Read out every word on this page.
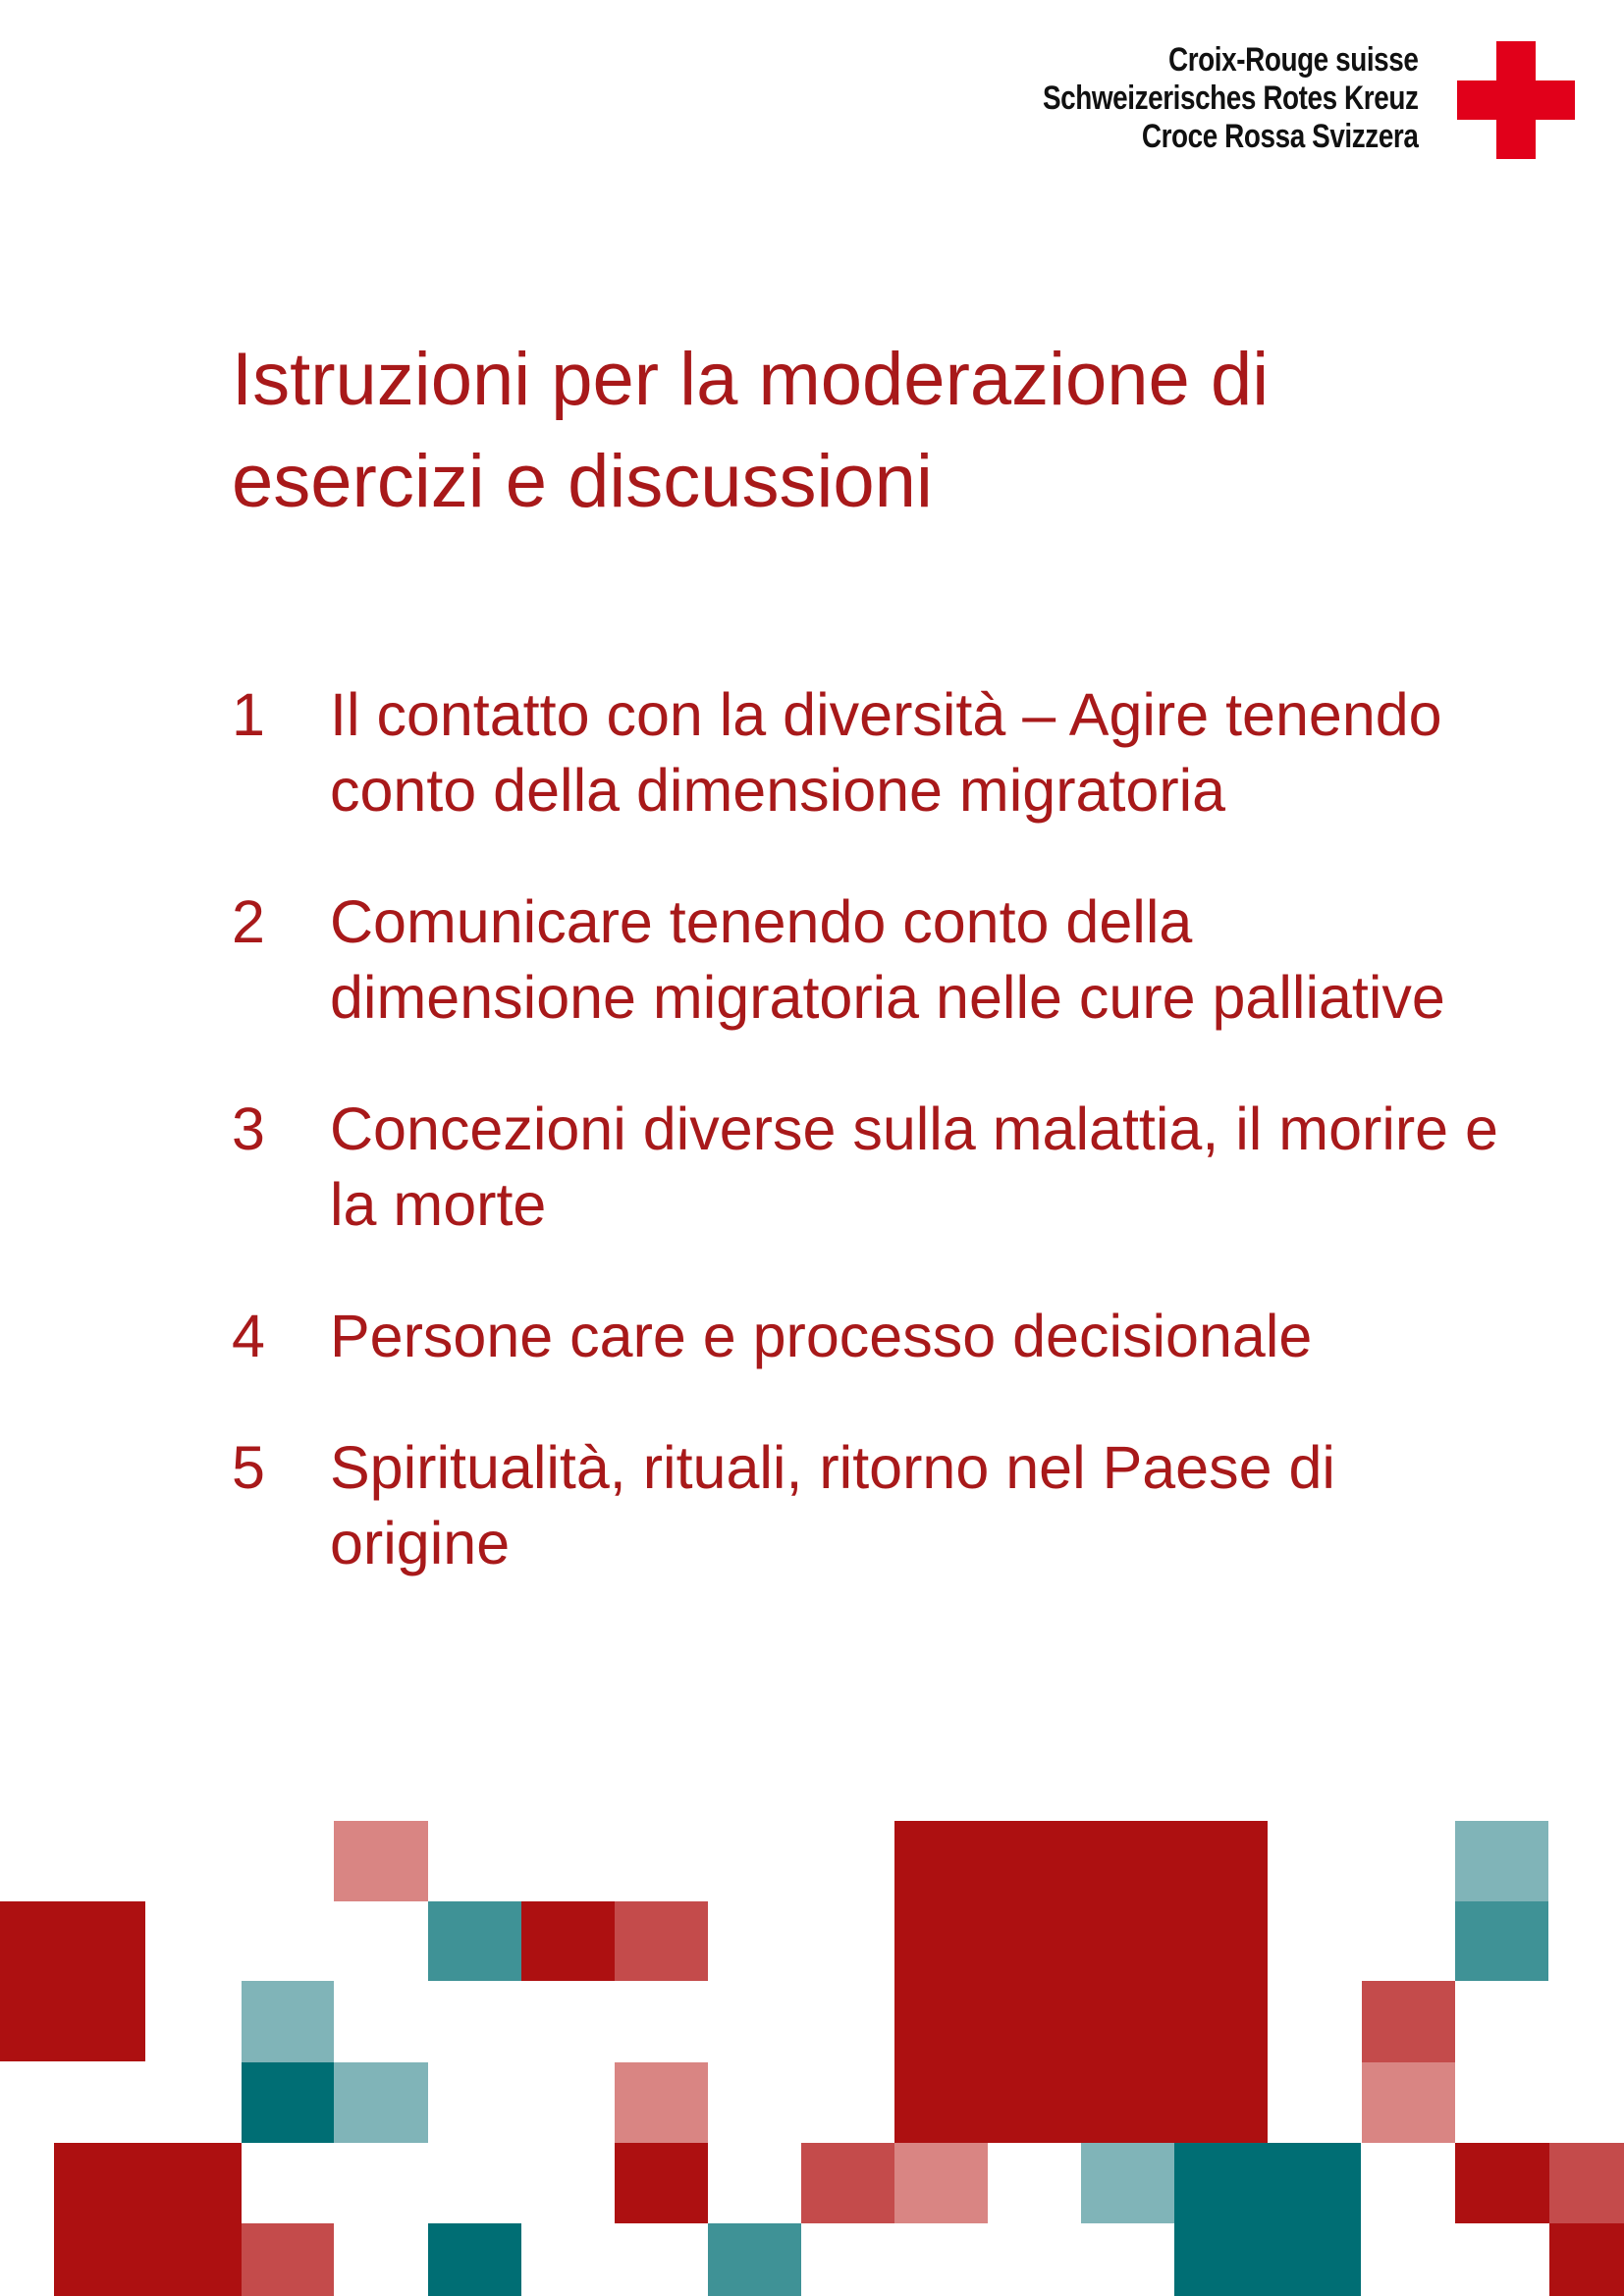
Croix-Rouge suisse
Schweizerisches Rotes Kreuz
Croce Rossa Svizzera
Istruzioni per la moderazione di esercizi e discussioni
1	Il contatto con la diversità – Agire tenendo conto della dimensione migratoria
2	Comunicare tenendo conto della dimensione migratoria nelle cure palliative
3	Concezioni diverse sulla malattia, il morire e la morte
4	Persone care e processo decisionale
5	Spiritualità, rituali, ritorno nel Paese di origine
